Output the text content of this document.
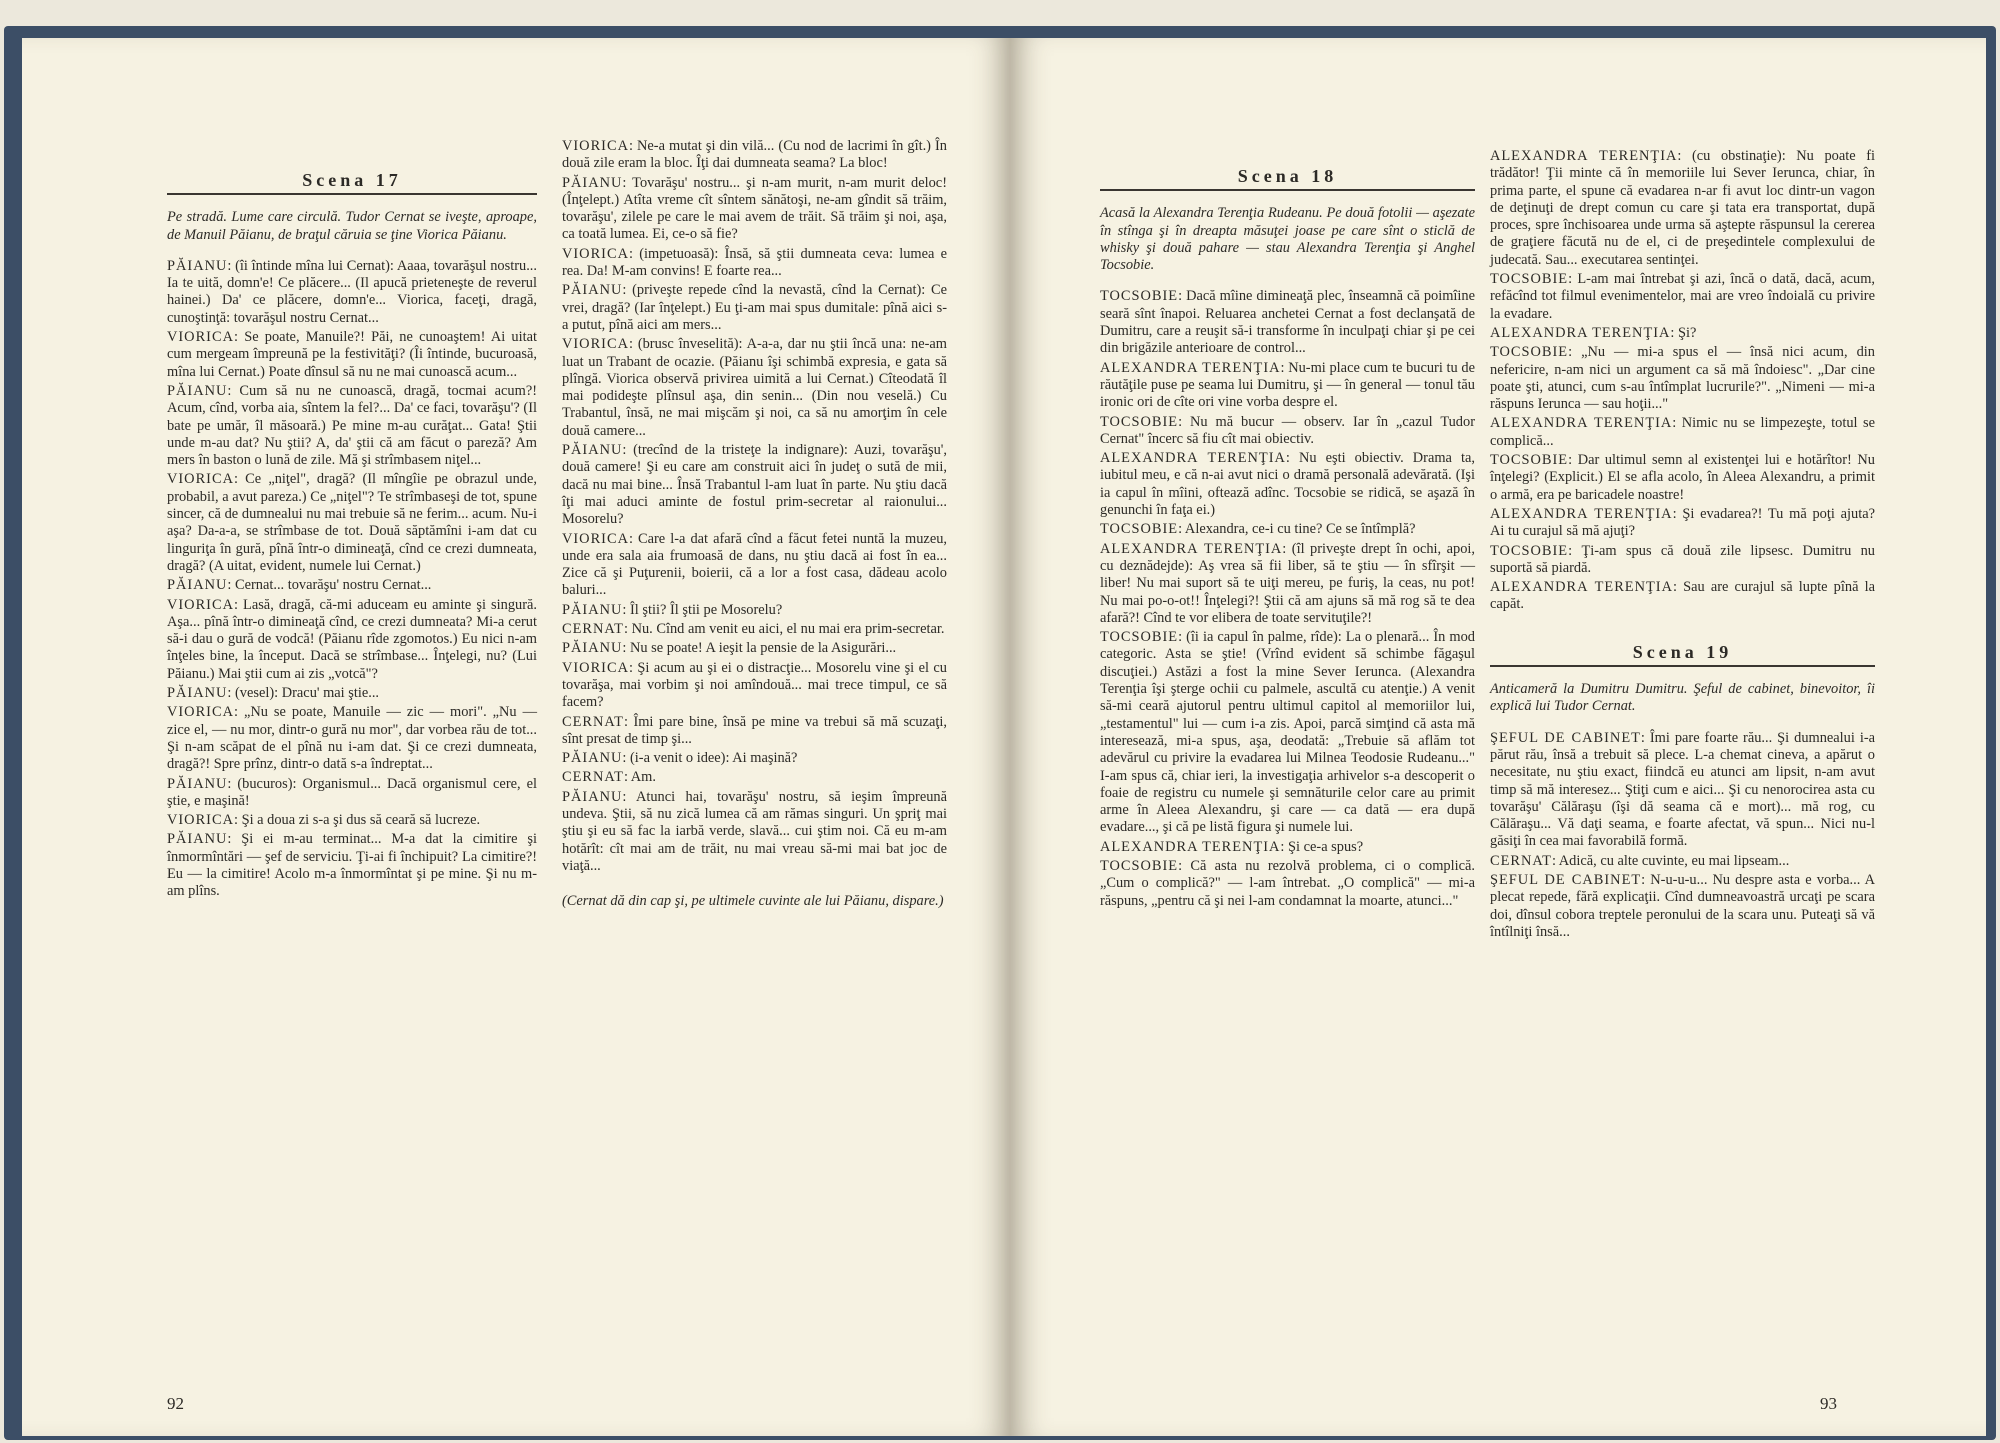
Scena 17

Pe stradă. Lume care circulă. Tudor Cernat se iveşte, aproape, de Manuil Păianu, de braţul căruia se ţine Viorica Păianu.

PĂIANU: (îi întinde mîna lui Cernat): Aaaa, tovarăşul nostru... Ia te uită, domn'e! Ce plăcere... (Il apucă prieteneşte de reverul hainei.) Da' ce plăcere, domn'e... Viorica, faceţi, dragă, cunoştinţă: tovarăşul nostru Cernat...

VIORICA: Se poate, Manuile?! Păi, ne cunoaştem! Ai uitat cum mergeam împreună pe la festivităţi? (Îi întinde, bucuroasă, mîna lui Cernat.) Poate dînsul să nu ne mai cunoască acum...

PĂIANU: Cum să nu ne cunoască, dragă, tocmai acum?! Acum, cînd, vorba aia, sîntem la fel?... Da' ce faci, tovarăşu'? (Il bate pe umăr, îl măsoară.) Pe mine m-au curăţat... Gata! Ştii unde m-au dat? Nu ştii? A, da' ştii că am făcut o pareză? Am mers în baston o lună de zile. Mă şi strîmbasem niţel...

VIORICA: Ce „niţel", dragă? (Il mîngîie pe obrazul unde, probabil, a avut pareza.) Ce „niţel"? Te strîmbaseşi de tot, spune sincer, că de dumnealui nu mai trebuie să ne ferim... acum. Nu-i aşa? Da-a-a, se strîmbase de tot. Două săptămîni i-am dat cu linguriţa în gură, pînă într-o dimineaţă, cînd ce crezi dumneata, dragă? (A uitat, evident, numele lui Cernat.)

PĂIANU: Cernat... tovarăşu' nostru Cernat...

VIORICA: Lasă, dragă, că-mi aduceam eu aminte şi singură. Aşa... pînă într-o dimineaţă cînd, ce crezi dumneata? Mi-a cerut să-i dau o gură de vodcă! (Păianu rîde zgomotos.) Eu nici n-am înţeles bine, la început. Dacă se strîmbase... Înţelegi, nu? (Lui Păianu.) Mai ştii cum ai zis „votcă"?

PĂIANU: (vesel): Dracu' mai ştie...

VIORICA: „Nu se poate, Manuile — zic — mori". „Nu — zice el, — nu mor, dintr-o gură nu mor", dar vorbea rău de tot... Şi n-am scăpat de el pînă nu i-am dat. Şi ce crezi dumneata, dragă?! Spre prînz, dintr-o dată s-a îndreptat...

PĂIANU: (bucuros): Organismul... Dacă organismul cere, el ştie, e maşină!

VIORICA: Şi a doua zi s-a şi dus să ceară să lucreze.

PĂIANU: Şi ei m-au terminat... M-a dat la cimitire şi înmormîntări — şef de serviciu. Ţi-ai fi închipuit? La cimitire?! Eu — la cimitire! Acolo m-a înmormîntat şi pe mine. Şi nu m-am plîns.

VIORICA: Ne-a mutat şi din vilă... (Cu nod de lacrimi în gît.) În două zile eram la bloc. Îţi dai dumneata seama? La bloc!

PĂIANU: Tovarăşu' nostru... şi n-am murit, n-am murit deloc! (Înţelept.) Atîta vreme cît sîntem sănătoşi, ne-am gîndit să trăim, tovarăşu', zilele pe care le mai avem de trăit. Să trăim şi noi, aşa, ca toată lumea. Ei, ce-o să fie?

VIORICA: (impetuoasă): Însă, să ştii dumneata ceva: lumea e rea. Da! M-am convins! E foarte rea...

PĂIANU: (priveşte repede cînd la nevastă, cînd la Cernat): Ce vrei, dragă? (Iar înţelept.) Eu ţi-am mai spus dumitale: pînă aici s-a putut, pînă aici am mers...

VIORICA: (brusc înveselită): A-a-a, dar nu ştii încă una: ne-am luat un Trabant de ocazie. (Păianu îşi schimbă expresia, e gata să plîngă. Viorica observă privirea uimită a lui Cernat.) Cîteodată îl mai podideşte plînsul aşa, din senin... (Din nou veselă.) Cu Trabantul, însă, ne mai mişcăm şi noi, ca să nu amorţim în cele două camere...

PĂIANU: (trecînd de la tristeţe la indignare): Auzi, tovarăşu', două camere! Şi eu care am construit aici în judeţ o sută de mii, dacă nu mai bine... Însă Trabantul l-am luat în parte. Nu ştiu dacă îţi mai aduci aminte de fostul prim-secretar al raionului... Mosorelu?

VIORICA: Care l-a dat afară cînd a făcut fetei nuntă la muzeu, unde era sala aia frumoasă de dans, nu ştiu dacă ai fost în ea... Zice că şi Puţurenii, boierii, că a lor a fost casa, dădeau acolo baluri...

PĂIANU: Îl ştii? Îl ştii pe Mosorelu?

CERNAT: Nu. Cînd am venit eu aici, el nu mai era prim-secretar.

PĂIANU: Nu se poate! A ieşit la pensie de la Asigurări...

VIORICA: Şi acum au şi ei o distracţie... Mosorelu vine şi el cu tovarăşa, mai vorbim şi noi amîndouă... mai trece timpul, ce să facem?

CERNAT: Îmi pare bine, însă pe mine va trebui să mă scuzaţi, sînt presat de timp şi...

PĂIANU: (i-a venit o idee): Ai maşină?

CERNAT: Am.

PĂIANU: Atunci hai, tovarăşu' nostru, să ieşim împreună undeva. Ştii, să nu zică lumea că am rămas singuri. Un şpriţ mai ştiu şi eu să fac la iarbă verde, slavă... cui ştim noi. Că eu m-am hotărît: cît mai am de trăit, nu mai vreau să-mi mai bat joc de viaţă...

(Cernat dă din cap şi, pe ultimele cuvinte ale lui Păianu, dispare.)

92
Scena 18

Acasă la Alexandra Terenţia Rudeanu. Pe două fotolii — aşezate în stînga şi în dreapta măsuţei joase pe care sînt o sticlă de whisky şi două pahare — stau Alexandra Terenţia şi Anghel Tocsobie.

TOCSOBIE: Dacă mîine dimineaţă plec, înseamnă că poimîine seară sînt înapoi. Reluarea anchetei Cernat a fost declanşată de Dumitru, care a reuşit să-i transforme în inculpaţi chiar şi pe cei din brigăzile anterioare de control...

ALEXANDRA TERENŢIA: Nu-mi place cum te bucuri tu de răutăţile puse pe seama lui Dumitru, şi — în general — tonul tău ironic ori de cîte ori vine vorba despre el.

TOCSOBIE: Nu mă bucur — observ. Iar în „cazul Tudor Cernat" încerc să fiu cît mai obiectiv.

ALEXANDRA TERENŢIA: Nu eşti obiectiv. Drama ta, iubitul meu, e că n-ai avut nici o dramă personală adevărată. (Işi ia capul în mîini, oftează adînc. Tocsobie se ridică, se aşază în genunchi în faţa ei.)

TOCSOBIE: Alexandra, ce-i cu tine? Ce se întîmplă?

ALEXANDRA TERENŢIA: (îl priveşte drept în ochi, apoi, cu deznădejde): Aş vrea să fii liber, să te ştiu — în sfîrşit — liber! Nu mai suport să te uiţi mereu, pe furiş, la ceas, nu pot! Nu mai po-o-ot!! Înţelegi?! Ştii că am ajuns să mă rog să te dea afară?! Cînd te vor elibera de toate servituţile?!

TOCSOBIE: (îi ia capul în palme, rîde): La o plenară... În mod categoric. Asta se ştie! (Vrînd evident să schimbe făgaşul discuţiei.) Astăzi a fost la mine Sever Ierunca. (Alexandra Terenţia îşi şterge ochii cu palmele, ascultă cu atenţie.) A venit să-mi ceară ajutorul pentru ultimul capitol al memoriilor lui, „testamentul" lui — cum i-a zis. Apoi, parcă simţind că asta mă interesează, mi-a spus, aşa, deodată: „Trebuie să aflăm tot adevărul cu privire la evadarea lui Milnea Teodosie Rudeanu..." I-am spus că, chiar ieri, la investigaţia arhivelor s-a descoperit o foaie de registru cu numele şi semnăturile celor care au primit arme în Aleea Alexandru, şi care — ca dată — era după evadare..., şi că pe listă figura şi numele lui.

ALEXANDRA TERENŢIA: Şi ce-a spus?

TOCSOBIE: Că asta nu rezolvă problema, ci o complică. „Cum o complică?" — l-am întrebat. „O complică" — mi-a răspuns, „pentru că şi nei l-am condamnat la moarte, atunci..."

ALEXANDRA TERENŢIA: (cu obstinaţie): Nu poate fi trădător! Ţii minte că în memoriile lui Sever Ierunca, chiar, în prima parte, el spune că evadarea n-ar fi avut loc dintr-un vagon de deţinuţi de drept comun cu care şi tata era transportat, după proces, spre închisoarea unde urma să aştepte răspunsul la cererea de graţiere făcută nu de el, ci de preşedintele complexului de judecată. Sau... executarea sentinţei.

TOCSOBIE: L-am mai întrebat şi azi, încă o dată, dacă, acum, refăcînd tot filmul evenimentelor, mai are vreo îndoială cu privire la evadare.

ALEXANDRA TERENŢIA: Şi?

TOCSOBIE: „Nu — mi-a spus el — însă nici acum, din nefericire, n-am nici un argument ca să mă îndoiesc". „Dar cine poate şti, atunci, cum s-au întîmplat lucrurile?". „Nimeni — mi-a răspuns Ierunca — sau hoţii..."

ALEXANDRA TERENŢIA: Nimic nu se limpezeşte, totul se complică...

TOCSOBIE: Dar ultimul semn al existenţei lui e hotărîtor! Nu înţelegi? (Explicit.) El se afla acolo, în Aleea Alexandru, a primit o armă, era pe baricadele noastre!

ALEXANDRA TERENŢIA: Şi evadarea?! Tu mă poţi ajuta? Ai tu curajul să mă ajuţi?

TOCSOBIE: Ţi-am spus că două zile lipsesc. Dumitru nu suportă să piardă.

ALEXANDRA TERENŢIA: Sau are curajul să lupte pînă la capăt.

Scena 19

Anticameră la Dumitru Dumitru. Şeful de cabinet, binevoitor, îi explică lui Tudor Cernat.

ŞEFUL DE CABINET: Îmi pare foarte rău... Şi dumnealui i-a părut rău, însă a trebuit să plece. L-a chemat cineva, a apărut o necesitate, nu ştiu exact, fiindcă eu atunci am lipsit, n-am avut timp să mă interesez... Ştiţi cum e aici... Şi cu nenorocirea asta cu tovarăşu' Călăraşu (îşi dă seama că e mort)... mă rog, cu Călăraşu... Vă daţi seama, e foarte afectat, vă spun... Nici nu-l găsiţi în cea mai favorabilă formă.

CERNAT: Adică, cu alte cuvinte, eu mai lipseam...

ŞEFUL DE CABINET: N-u-u-u... Nu despre asta e vorba... A plecat repede, fără explicaţii. Cînd dumneavoastră urcaţi pe scara doi, dînsul cobora treptele peronului de la scara unu. Puteaţi să vă întîlniţi însă...

93
